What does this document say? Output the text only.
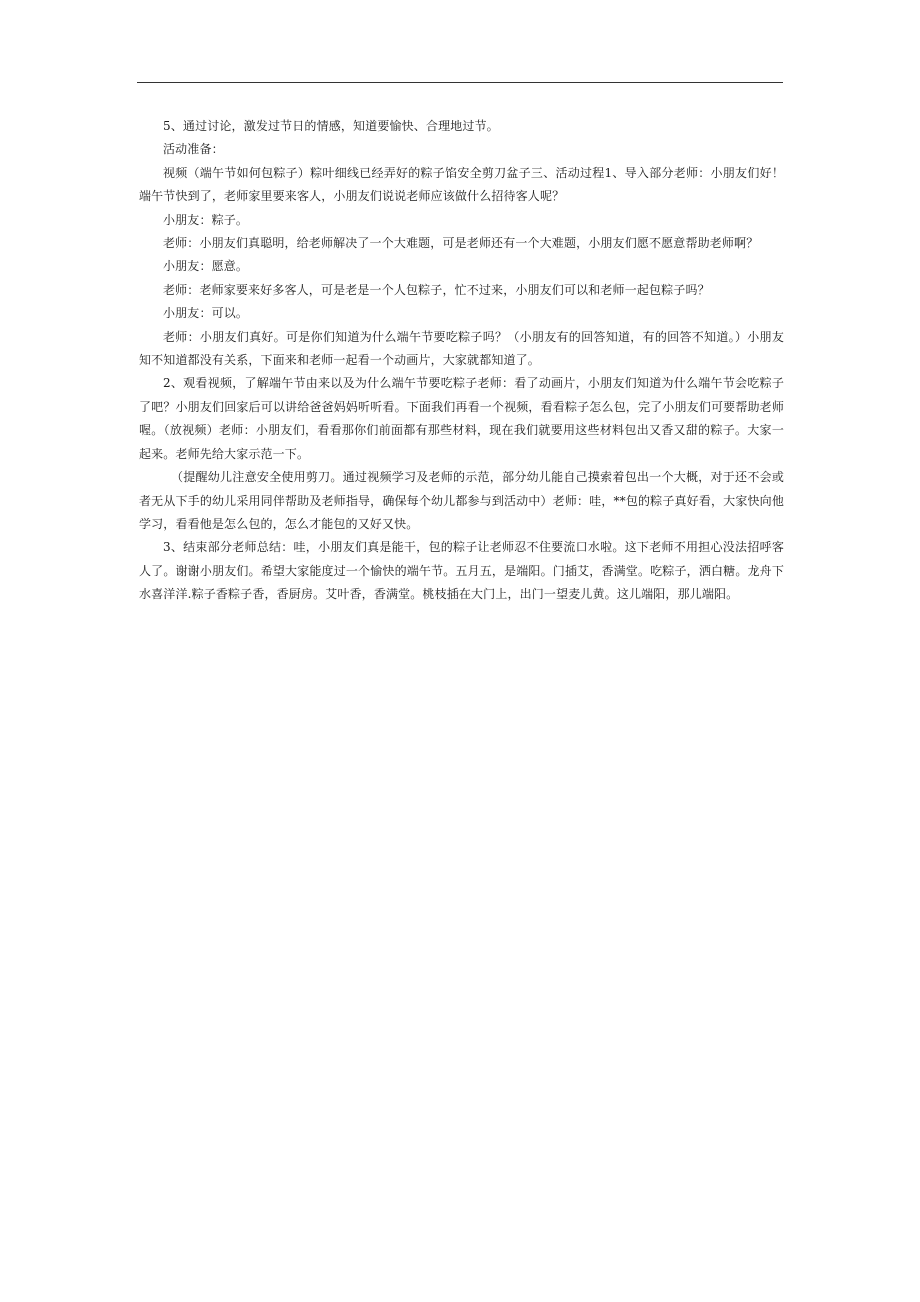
5、通过讨论，激发过节日的情感，知道要愉快、合理地过节。

活动准备：

视频（端午节如何包粽子）粽叶细线已经弄好的粽子馅安全剪刀盆子三、活动过程1、导入部分老师：小朋友们好！端午节快到了，老师家里要来客人，小朋友们说说老师应该做什么招待客人呢？

小朋友：粽子。

老师：小朋友们真聪明，给老师解决了一个大难题，可是老师还有一个大难题，小朋友们愿不愿意帮助老师啊？

小朋友：愿意。

老师：老师家要来好多客人，可是老是一个人包粽子，忙不过来，小朋友们可以和老师一起包粽子吗？

小朋友：可以。

老师：小朋友们真好。可是你们知道为什么端午节要吃粽子吗？（小朋友有的回答知道，有的回答不知道。）小朋友知不知道都没有关系，下面来和老师一起看一个动画片，大家就都知道了。

2、观看视频，了解端午节由来以及为什么端午节要吃粽子老师：看了动画片，小朋友们知道为什么端午节会吃粽子了吧？小朋友们回家后可以讲给爸爸妈妈听听看。下面我们再看一个视频，看看粽子怎么包，完了小朋友们可要帮助老师喔。（放视频）老师：小朋友们，看看那你们前面都有那些材料，现在我们就要用这些材料包出又香又甜的粽子。大家一起来。老师先给大家示范一下。

（提醒幼儿注意安全使用剪刀。通过视频学习及老师的示范，部分幼儿能自己摸索着包出一个大概，对于还不会或者无从下手的幼儿采用同伴帮助及老师指导，确保每个幼儿都参与到活动中）老师：哇，**包的粽子真好看，大家快向他学习，看看他是怎么包的，怎么才能包的又好又快。

3、结束部分老师总结：哇，小朋友们真是能干，包的粽子让老师忍不住要流口水啦。这下老师不用担心没法招呼客人了。谢谢小朋友们。希望大家能度过一个愉快的端午节。五月五，是端阳。门插艾，香满堂。吃粽子，洒白糖。龙舟下水喜洋洋.粽子香粽子香，香厨房。艾叶香，香满堂。桃枝插在大门上，出门一望麦儿黄。这儿端阳，那儿端阳。
